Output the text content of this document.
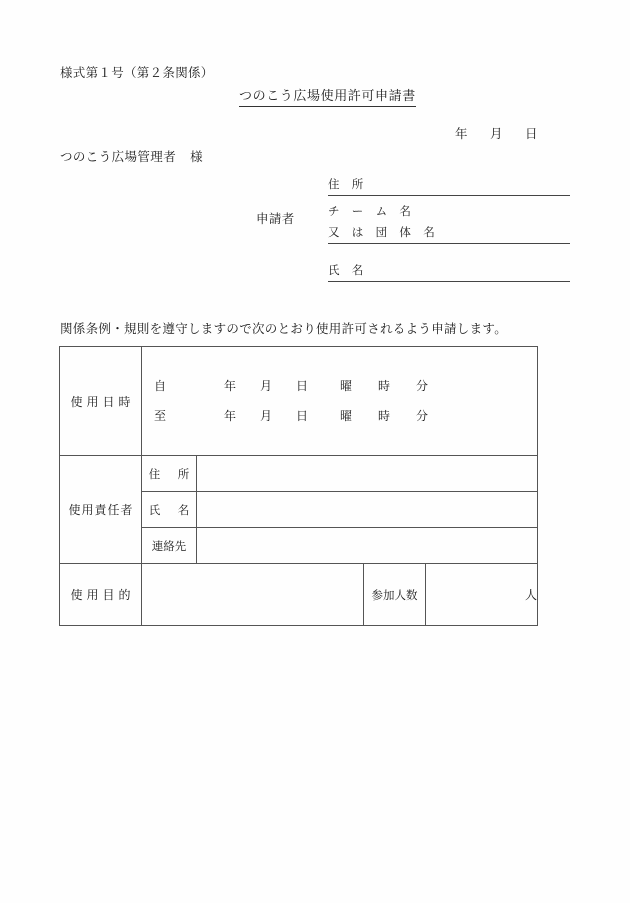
様式第１号（第２条関係）
つのこう広場使用許可申請書
年 月 日
つのこう広場管理者 様
申請者
住　所
チ　ー　ム　名
又　は　団　体　名
氏　名
関係条例・規則を遵守しますので次のとおり使用許可されるよう申請します。
使用日時	自 年 月 日 曜 時 分
至 年 月 日 曜 時 分			

使用責任者	住　所			
	氏　名			
	連絡先			
使用目的			参加人数	人
